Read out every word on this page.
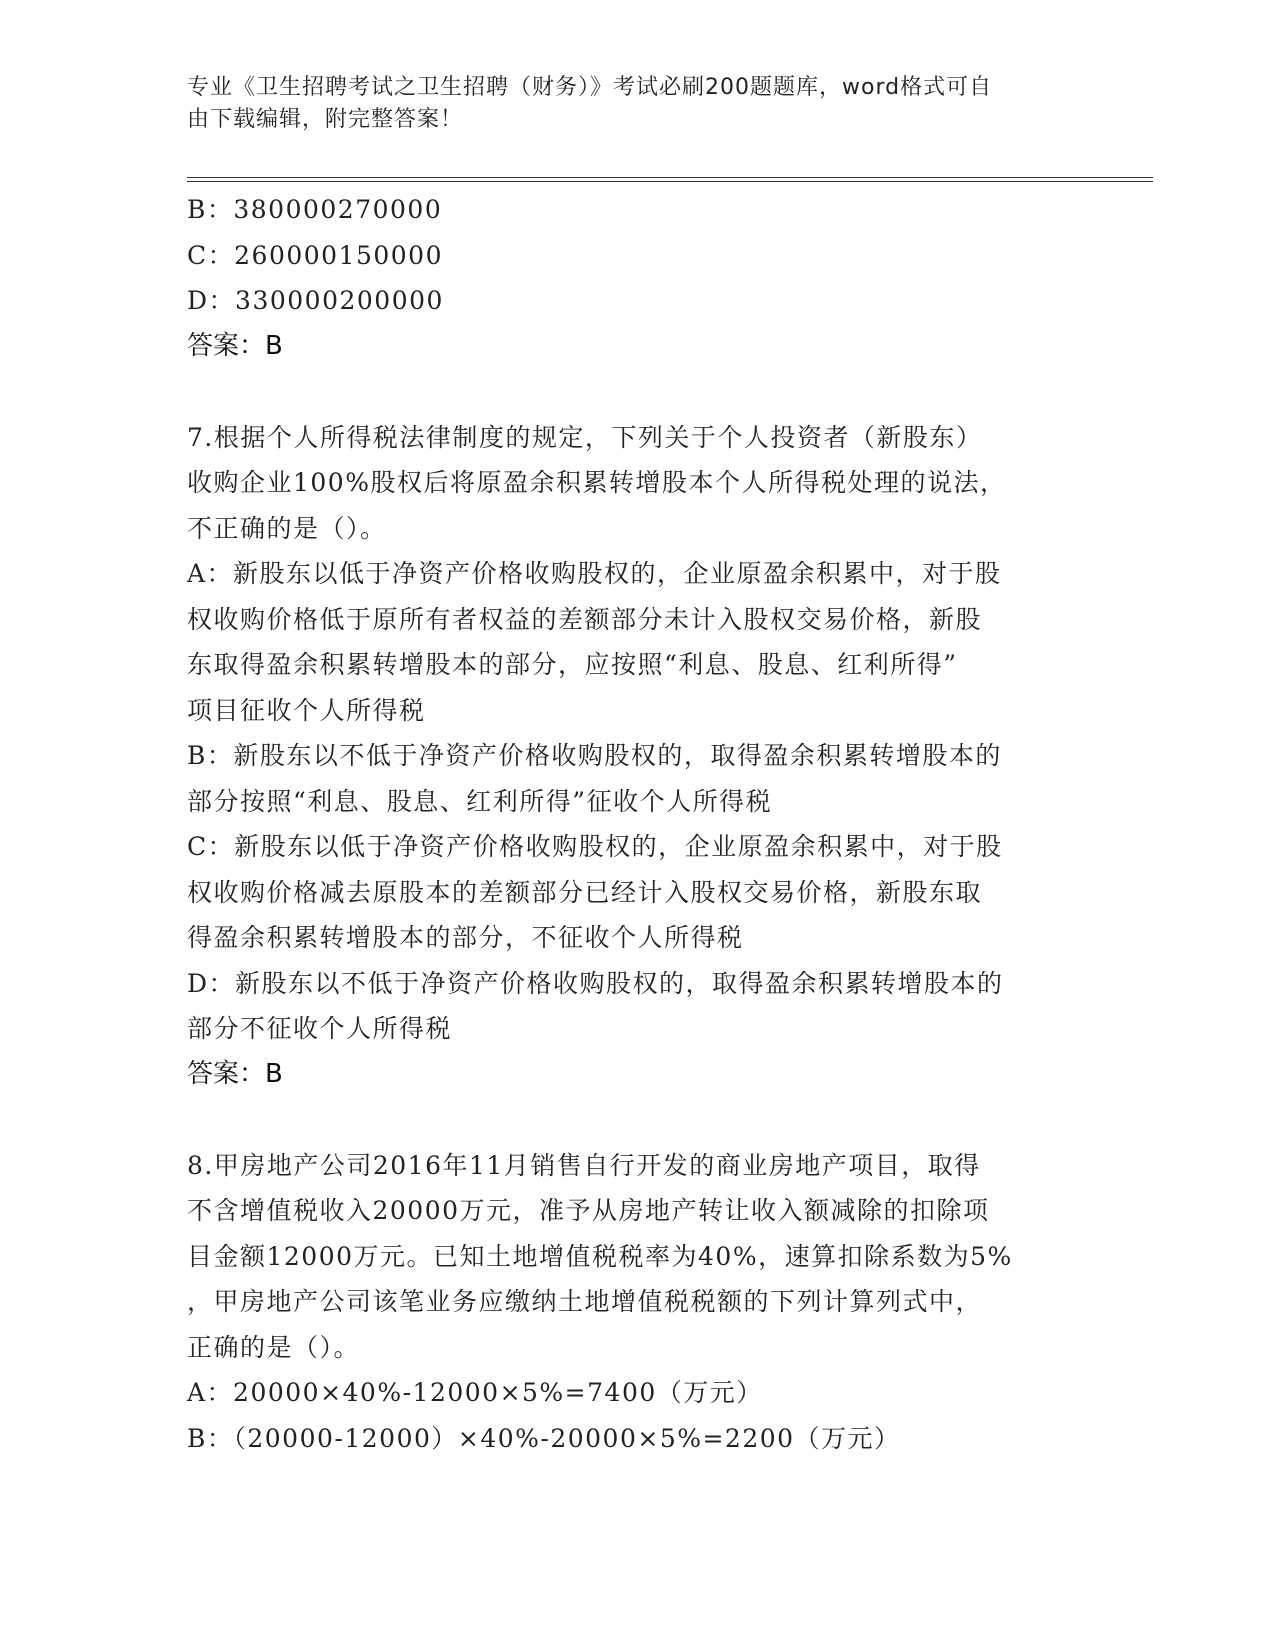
专业《卫生招聘考试之卫生招聘（财务）》考试必刷200题题库，word格式可自
由下载编辑，附完整答案！
B：380000270000
C：260000150000
D：330000200000
答案：B
7.根据个人所得税法律制度的规定，下列关于个人投资者（新股东）
收购企业100%股权后将原盈余积累转增股本个人所得税处理的说法，
不正确的是（）。
A：新股东以低于净资产价格收购股权的，企业原盈余积累中，对于股
权收购价格低于原所有者权益的差额部分未计入股权交易价格，新股
东取得盈余积累转增股本的部分，应按照“利息、股息、红利所得”
项目征收个人所得税
B：新股东以不低于净资产价格收购股权的，取得盈余积累转增股本的
部分按照“利息、股息、红利所得”征收个人所得税
C：新股东以低于净资产价格收购股权的，企业原盈余积累中，对于股
权收购价格减去原股本的差额部分已经计入股权交易价格，新股东取
得盈余积累转增股本的部分，不征收个人所得税
D：新股东以不低于净资产价格收购股权的，取得盈余积累转增股本的
部分不征收个人所得税
答案：B
8.甲房地产公司2016年11月销售自行开发的商业房地产项目，取得
不含增值税收入20000万元，准予从房地产转让收入额减除的扣除项
目金额12000万元。已知土地增值税税率为40%，速算扣除系数为5%
，甲房地产公司该笔业务应缴纳土地增值税税额的下列计算列式中，
正确的是（）。
A：20000×40%-12000×5%=7400（万元）
B：（20000-12000）×40%-20000×5%=2200（万元）
